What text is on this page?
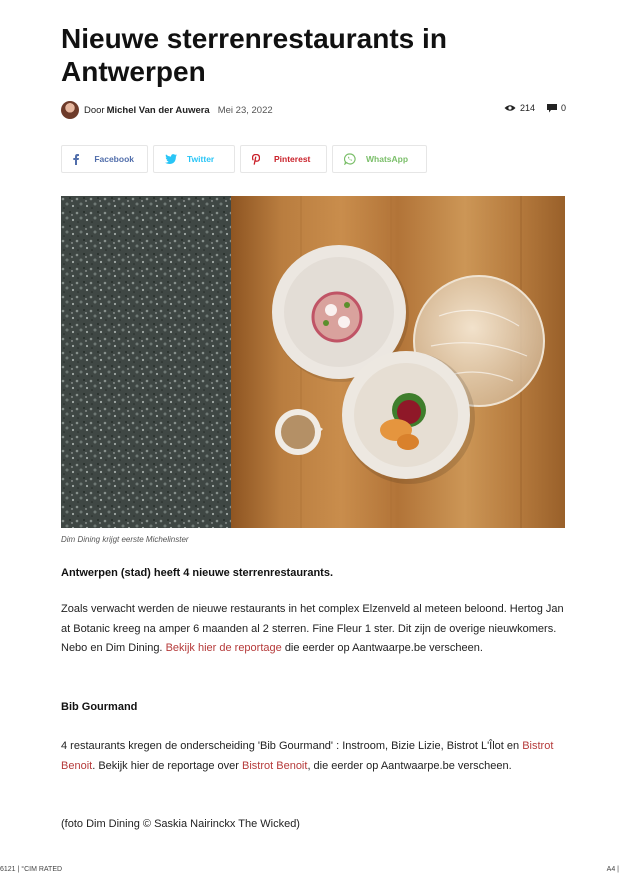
Nieuwe sterrenrestaurants in Antwerpen
Door Michel Van der Auwera Mei 23, 2022	214	0
Facebook	Twitter	Pinterest	WhatsApp
Dim Dining krijgt eerste Michelinster

Antwerpen (stad) heeft 4 nieuwe sterrenrestaurants.

Zoals verwacht werden de nieuwe restaurants in het complex Elzenveld al meteen beloond. Hertog Jan at Botanic kreeg na amper 6 maanden al 2 sterren. Fine Fleur 1 ster. Dit zijn de overige nieuwkomers. Nebo en Dim Dining. Bekijk hier de reportage die eerder op Aantwaarpe.be verscheen.

Bib Gourmand

4 restaurants kregen de onderscheiding 'Bib Gourmand' : Instroom, Bizie Lizie, Bistrot L'Îlot en Bistrot Benoit. Bekijk hier de reportage over Bistrot Benoit, die eerder op Aantwaarpe.be verscheen.

(foto Dim Dining © Saskia Nairinckx The Wicked)

6121 | °CIM RATED	A4 |
